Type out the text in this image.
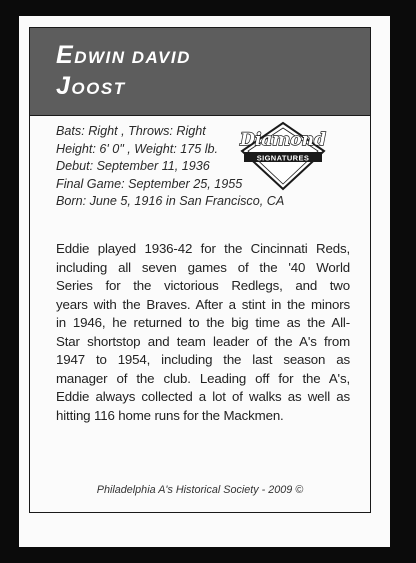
EDWIN DAVID
JOOST
Bats: Right , Throws: Right
Height: 6' 0" , Weight: 175 lb.
Debut: September 11, 1936
Final Game: September 25, 1955
Born: June 5, 1916 in San Francisco, CA
Diamond
SIGNATURES
Eddie played 1936-42 for the Cincinnati Reds,
including all seven games of the '40 World
Series for the victorious Redlegs, and two
years with the Braves. After a stint in the minors
in 1946, he returned to the big time as the All-
Star shortstop and team leader of the A's from
1947 to 1954, including the last season as
manager of the club. Leading off for the A's,
Eddie always collected a lot of walks as well as
hitting 116 home runs for the Mackmen.
Philadelphia A's Historical Society - 2009 ©
